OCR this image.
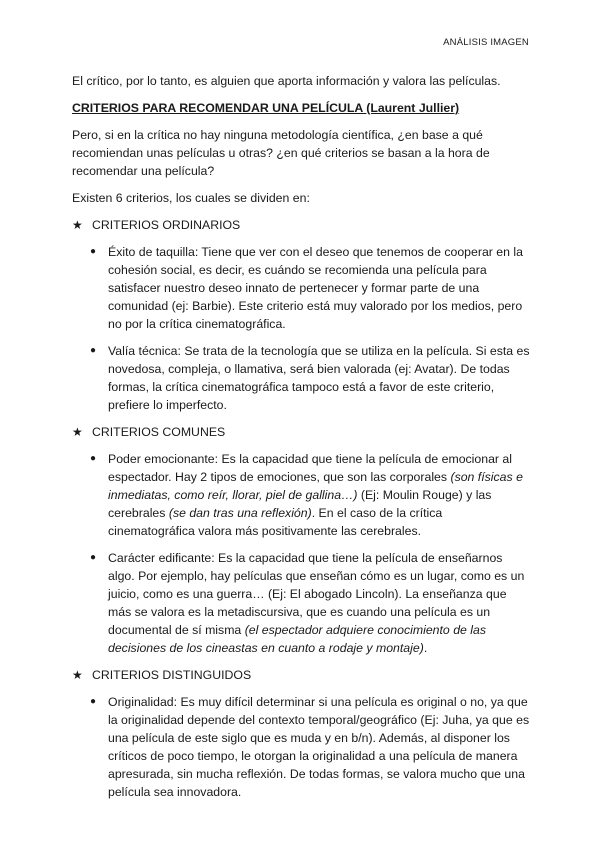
ANÁLISIS IMAGEN

El crítico, por lo tanto, es alguien que aporta información y valora las películas.

CRITERIOS PARA RECOMENDAR UNA PELÍCULA (Laurent Jullier)

Pero, si en la crítica no hay ninguna metodología científica, ¿en base a qué recomiendan unas películas u otras? ¿en qué criterios se basan a la hora de recomendar una película?

Existen 6 criterios, los cuales se dividen en:

★ CRITERIOS ORDINARIOS
● Éxito de taquilla: Tiene que ver con el deseo que tenemos de cooperar en la cohesión social, es decir, es cuándo se recomienda una película para satisfacer nuestro deseo innato de pertenecer y formar parte de una comunidad (ej: Barbie). Este criterio está muy valorado por los medios, pero no por la crítica cinematográfica.
● Valía técnica: Se trata de la tecnología que se utiliza en la película. Si esta es novedosa, compleja, o llamativa, será bien valorada (ej: Avatar). De todas formas, la crítica cinematográfica tampoco está a favor de este criterio, prefiere lo imperfecto.
★ CRITERIOS COMUNES
● Poder emocionante: Es la capacidad que tiene la película de emocionar al espectador. Hay 2 tipos de emociones, que son las corporales (son físicas e inmediatas, como reír, llorar, piel de gallina…) (Ej: Moulin Rouge) y las cerebrales (se dan tras una reflexión). En el caso de la crítica cinematográfica valora más positivamente las cerebrales.
● Carácter edificante: Es la capacidad que tiene la película de enseñarnos algo. Por ejemplo, hay películas que enseñan cómo es un lugar, como es un juicio, como es una guerra… (Ej: El abogado Lincoln). La enseñanza que más se valora es la metadiscursiva, que es cuando una película es un documental de sí misma (el espectador adquiere conocimiento de las decisiones de los cineastas en cuanto a rodaje y montaje).
★ CRITERIOS DISTINGUIDOS
● Originalidad: Es muy difícil determinar si una película es original o no, ya que la originalidad depende del contexto temporal/geográfico (Ej: Juha, ya que es una película de este siglo que es muda y en b/n). Además, al disponer los críticos de poco tiempo, le otorgan la originalidad a una película de manera apresurada, sin mucha reflexión. De todas formas, se valora mucho que una película sea innovadora.
